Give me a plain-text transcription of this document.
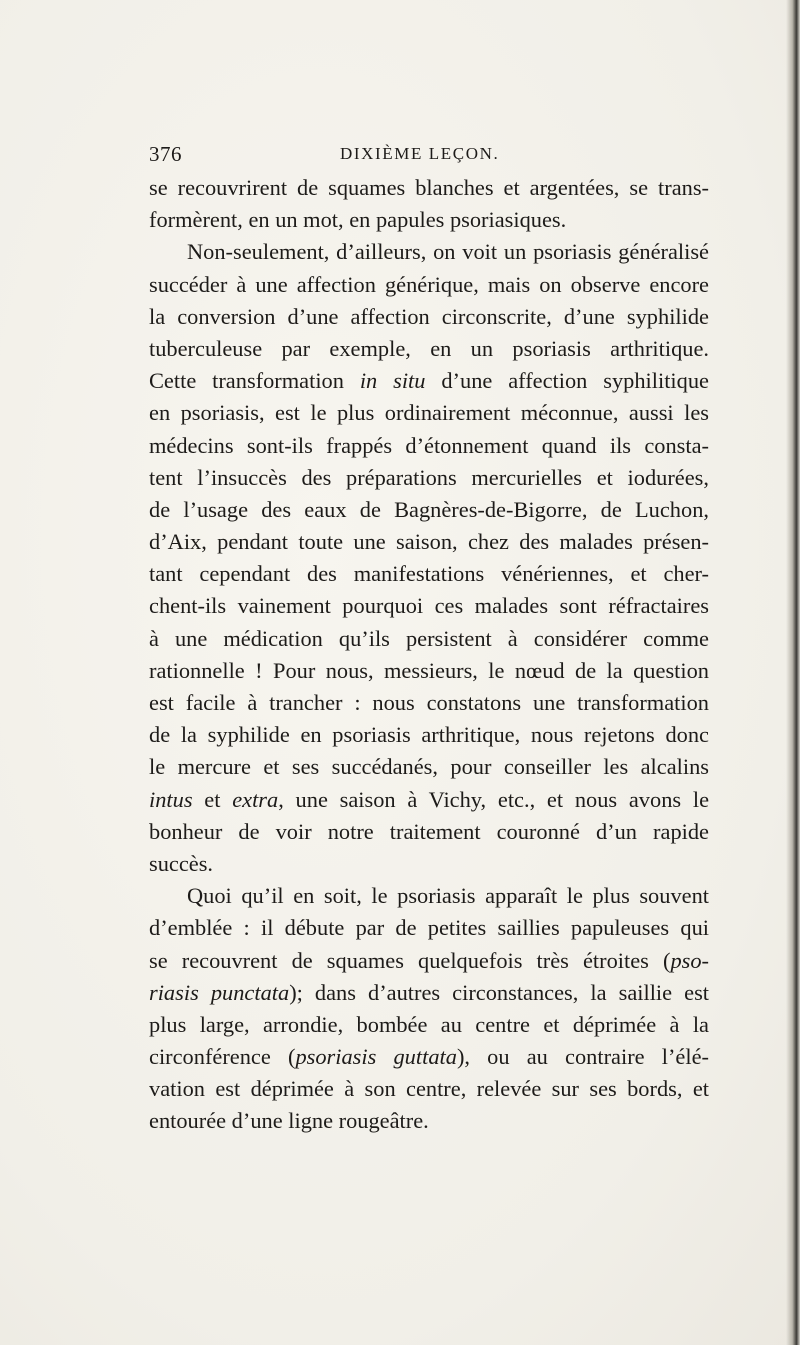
376	DIXIÈME LEÇON.
se recouvrirent de squames blanches et argentées, se trans-
formèrent, en un mot, en papules psoriasiques.
Non-seulement, d’ailleurs, on voit un psoriasis généralisé
succéder à une affection générique, mais on observe encore
la conversion d’une affection circonscrite, d’une syphilide
tuberculeuse par exemple, en un psoriasis arthritique.
Cette transformation in situ d’une affection syphilitique
en psoriasis, est le plus ordinairement méconnue, aussi les
médecins sont-ils frappés d’étonnement quand ils consta-
tent l’insuccès des préparations mercurielles et iodurées,
de l’usage des eaux de Bagnères-de-Bigorre, de Luchon,
d’Aix, pendant toute une saison, chez des malades présen-
tant cependant des manifestations vénériennes, et cher-
chent-ils vainement pourquoi ces malades sont réfractaires
à une médication qu’ils persistent à considérer comme
rationnelle ! Pour nous, messieurs, le nœud de la question
est facile à trancher : nous constatons une transformation
de la syphilide en psoriasis arthritique, nous rejetons donc
le mercure et ses succédanés, pour conseiller les alcalins
intus et extra, une saison à Vichy, etc., et nous avons le
bonheur de voir notre traitement couronné d’un rapide
succès.
Quoi qu’il en soit, le psoriasis apparaît le plus souvent
d’emblée : il débute par de petites saillies papuleuses qui
se recouvrent de squames quelquefois très étroites (pso-
riasis punctata); dans d’autres circonstances, la saillie est
plus large, arrondie, bombée au centre et déprimée à la
circonférence (psoriasis guttata), ou au contraire l’élé-
vation est déprimée à son centre, relevée sur ses bords, et
entourée d’une ligne rougeâtre.
